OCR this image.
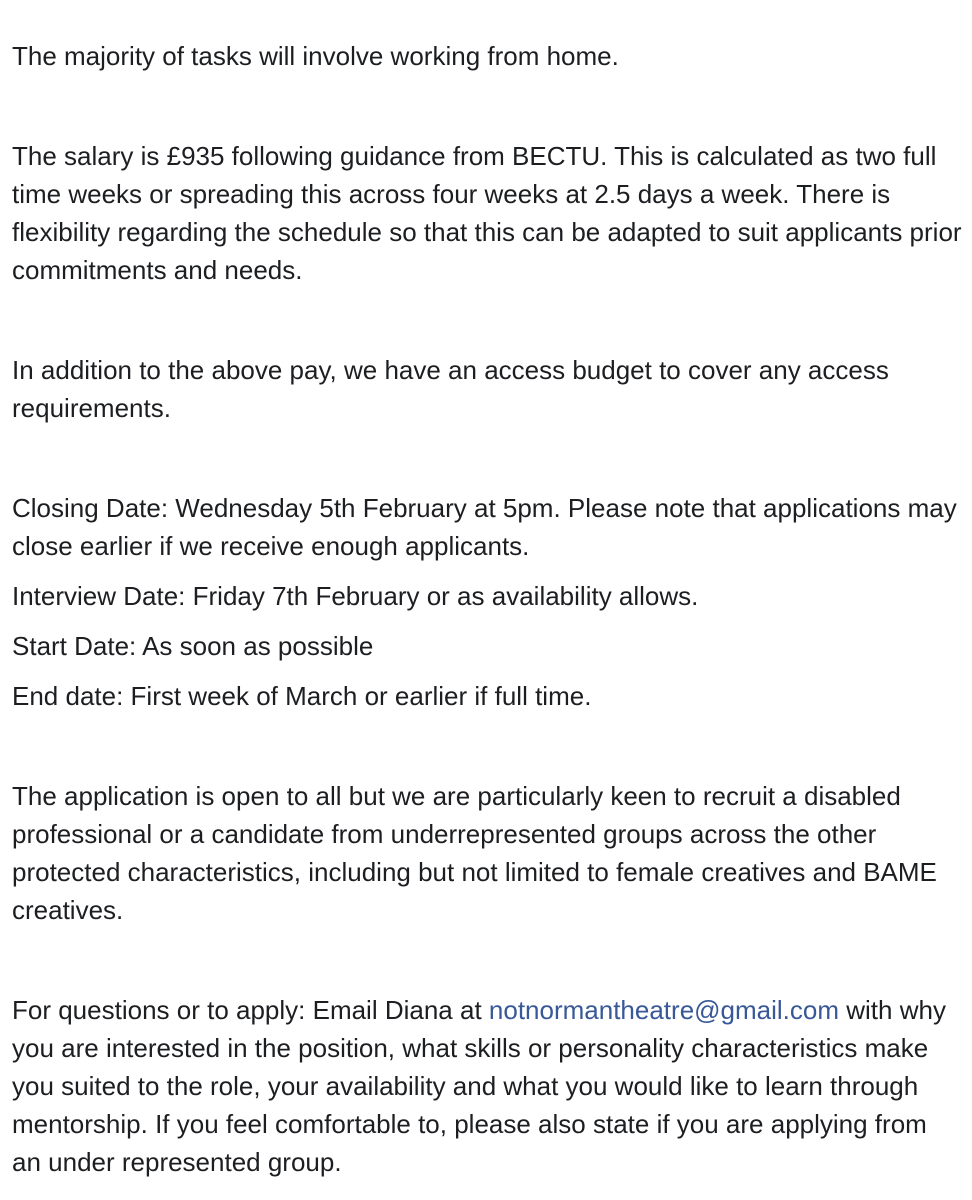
The majority of tasks will involve working from home.

The salary is £935 following guidance from BECTU. This is calculated as two full time weeks or spreading this across four weeks at 2.5 days a week. There is flexibility regarding the schedule so that this can be adapted to suit applicants prior commitments and needs.

In addition to the above pay, we have an access budget to cover any access requirements.

Closing Date: Wednesday 5th February at 5pm. Please note that applications may close earlier if we receive enough applicants.

Interview Date: Friday 7th February or as availability allows.

Start Date: As soon as possible

End date: First week of March or earlier if full time.

The application is open to all but we are particularly keen to recruit a disabled professional or a candidate from underrepresented groups across the other protected characteristics, including but not limited to female creatives and BAME creatives.

For questions or to apply: Email Diana at notnormantheatre@gmail.com with why you are interested in the position, what skills or personality characteristics make you suited to the role, your availability and what you would like to learn through mentorship. If you feel comfortable to, please also state if you are applying from an under represented group.
